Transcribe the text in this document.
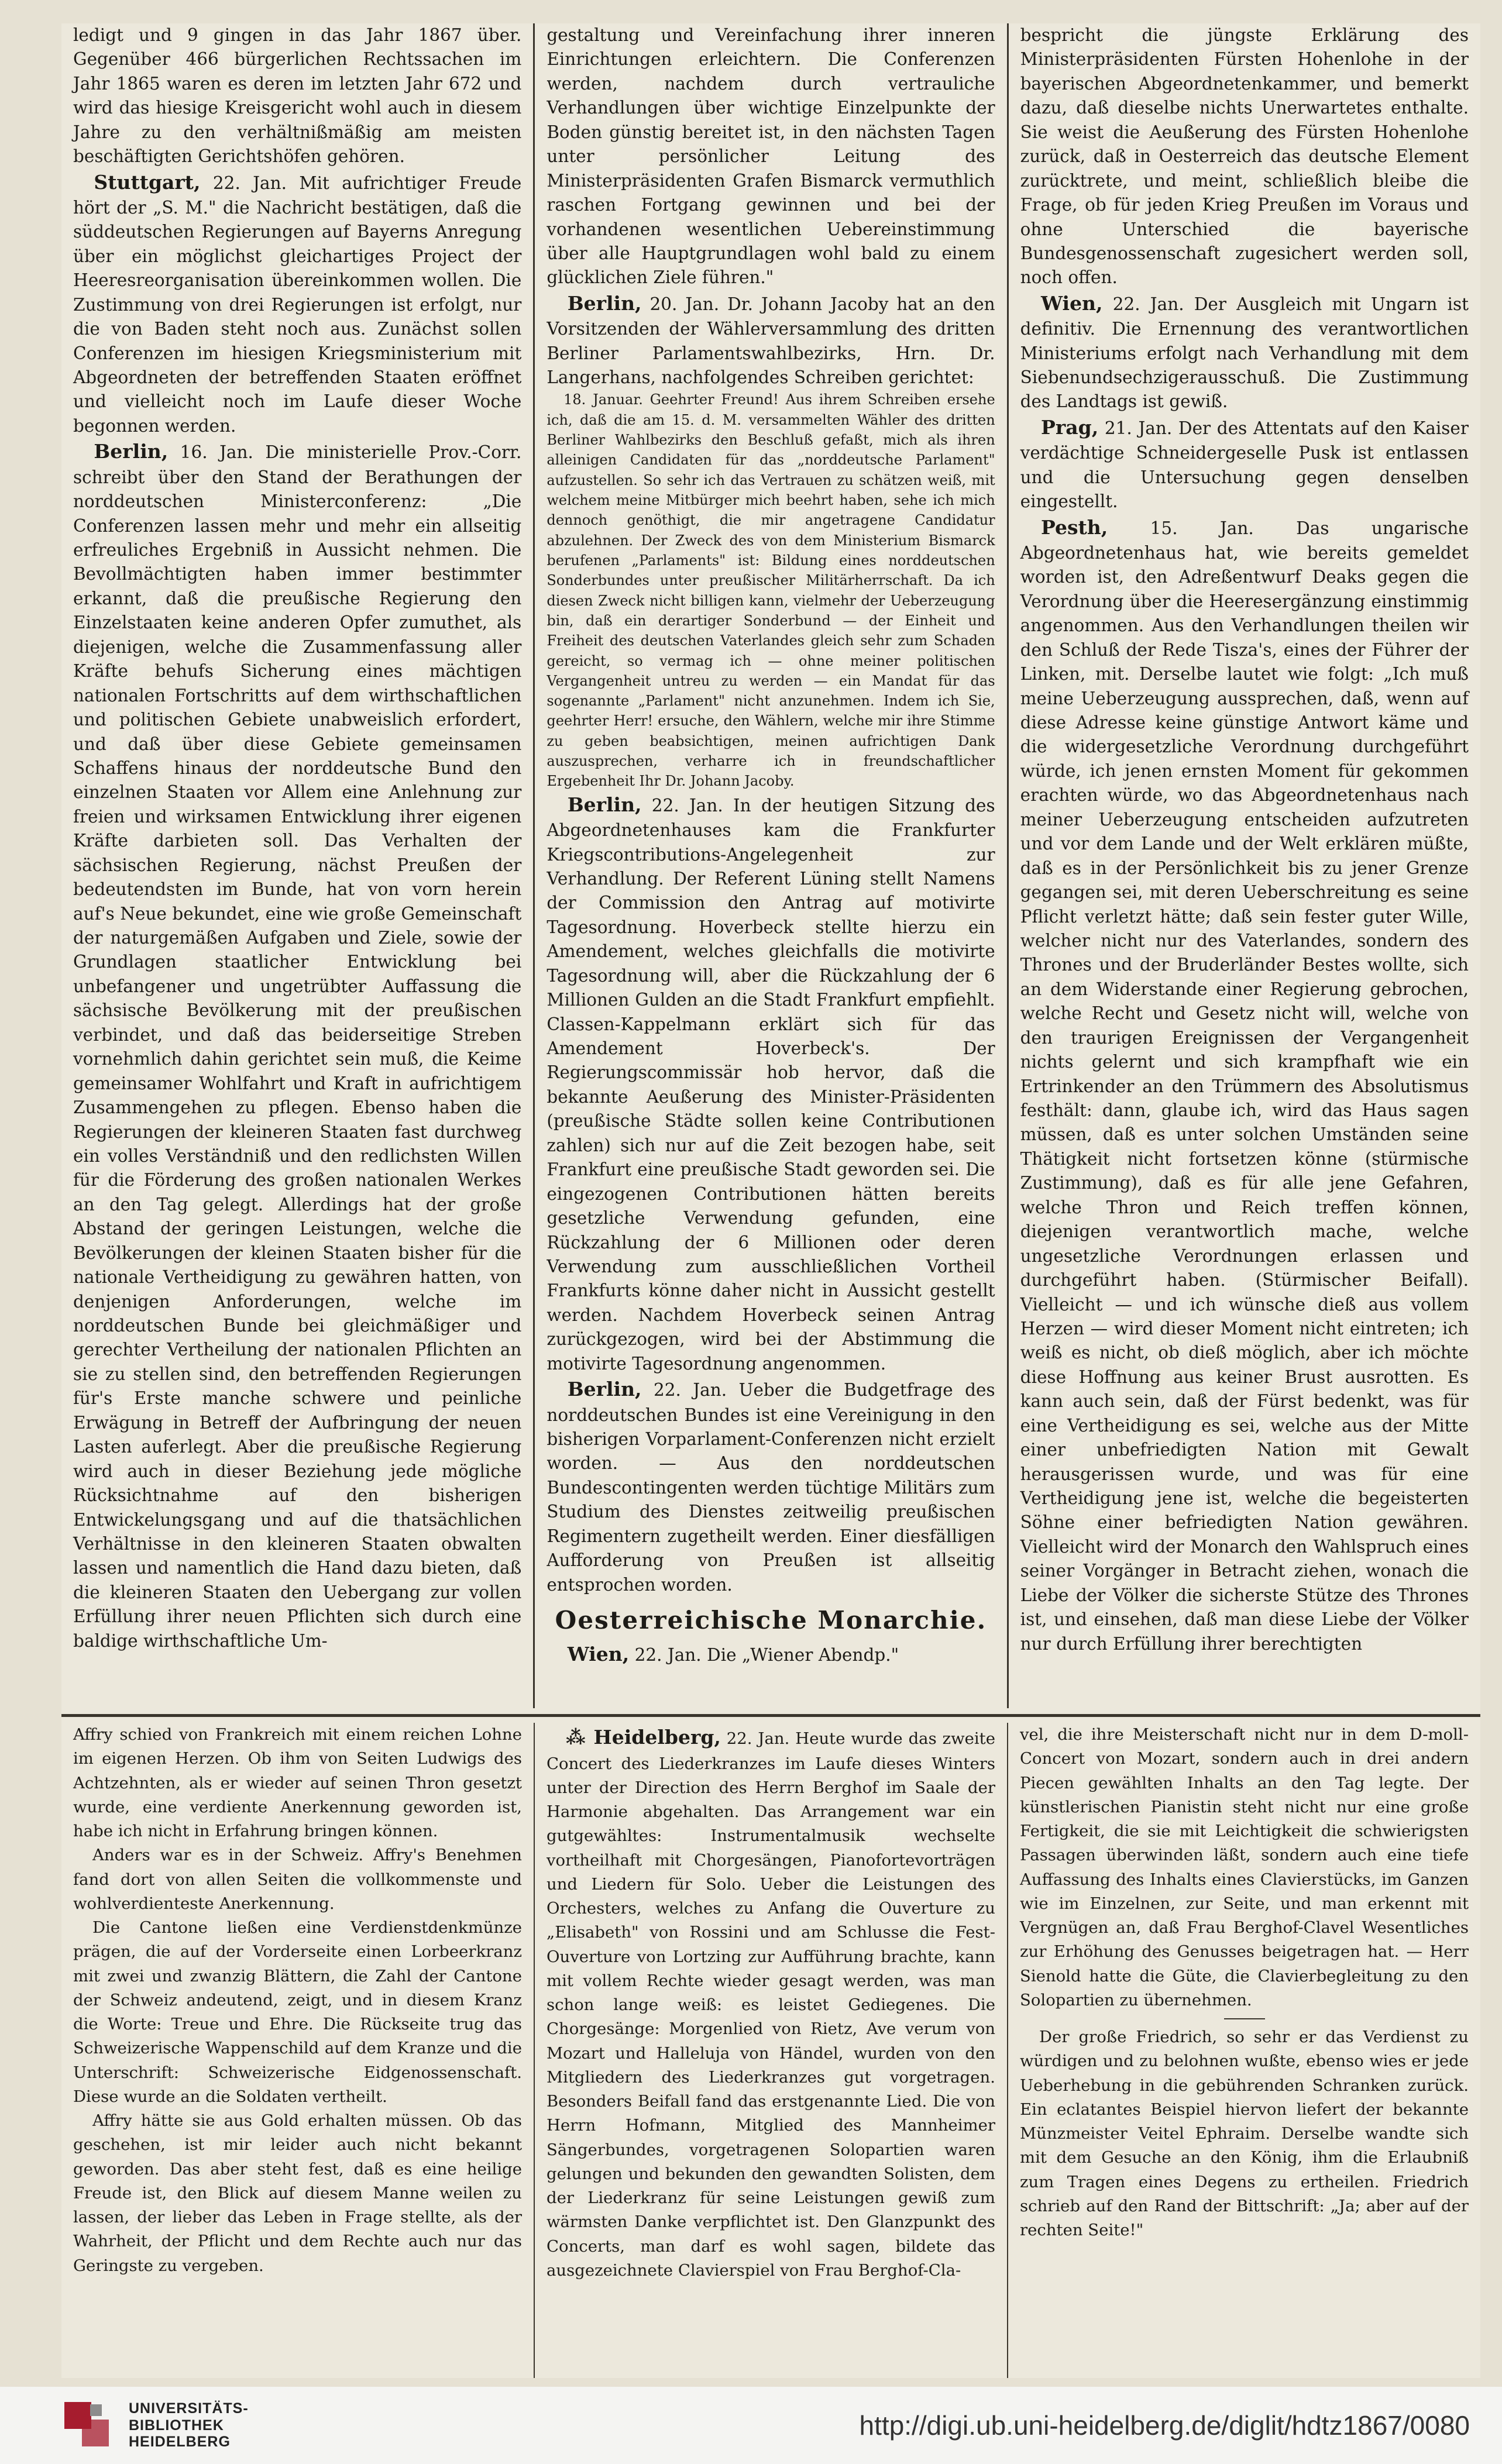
ledigt und 9 gingen in das Jahr 1867 über. Gegenüber 466 bürgerlichen Rechtssachen im Jahr 1865 waren es deren im letzten Jahr 672 und wird das hiesige Kreisgericht wohl auch in diesem Jahre zu den verhältnißmäßig am meisten beschäftigten Gerichtshöfen gehören.

Stuttgart, 22. Jan. Mit aufrichtiger Freude hört der „S. M." die Nachricht bestätigen, daß die süddeutschen Regierungen auf Bayerns Anregung über ein möglichst gleichartiges Project der Heeresreorganisation übereinkommen wollen. Die Zustimmung von drei Regierungen ist erfolgt, nur die von Baden steht noch aus. Zunächst sollen Conferenzen im hiesigen Kriegsministerium mit Abgeordneten der betreffenden Staaten eröffnet und vielleicht noch im Laufe dieser Woche begonnen werden.

Berlin, 16. Jan. Die ministerielle Prov.-Corr. schreibt über den Stand der Berathungen der norddeutschen Ministerconferenz: „Die Conferenzen lassen mehr und mehr ein allseitig erfreuliches Ergebniß in Aussicht nehmen. Die Bevollmächtigten haben immer bestimmter erkannt, daß die preußische Regierung den Einzelstaaten keine anderen Opfer zumuthet, als diejenigen, welche die Zusammenfassung aller Kräfte behufs Sicherung eines mächtigen nationalen Fortschritts auf dem wirthschaftlichen und politischen Gebiete unabweislich erfordert, und daß über diese Gebiete gemeinsamen Schaffens hinaus der norddeutsche Bund den einzelnen Staaten vor Allem eine Anlehnung zur freien und wirksamen Entwicklung ihrer eigenen Kräfte darbieten soll. Das Verhalten der sächsischen Regierung, nächst Preußen der bedeutendsten im Bunde, hat von vorn herein auf's Neue bekundet, eine wie große Gemeinschaft der naturgemäßen Aufgaben und Ziele, sowie der Grundlagen staatlicher Entwicklung bei unbefangener und ungetrübter Auffassung die sächsische Bevölkerung mit der preußischen verbindet, und daß das beiderseitige Streben vornehmlich dahin gerichtet sein muß, die Keime gemeinsamer Wohlfahrt und Kraft in aufrichtigem Zusammengehen zu pflegen. Ebenso haben die Regierungen der kleineren Staaten fast durchweg ein volles Verständniß und den redlichsten Willen für die Förderung des großen nationalen Werkes an den Tag gelegt. Allerdings hat der große Abstand der geringen Leistungen, welche die Bevölkerungen der kleinen Staaten bisher für die nationale Vertheidigung zu gewähren hatten, von denjenigen Anforderungen, welche im norddeutschen Bunde bei gleichmäßiger und gerechter Vertheilung der nationalen Pflichten an sie zu stellen sind, den betreffenden Regierungen für's Erste manche schwere und peinliche Erwägung in Betreff der Aufbringung der neuen Lasten auferlegt. Aber die preußische Regierung wird auch in dieser Beziehung jede mögliche Rücksichtnahme auf den bisherigen Entwickelungsgang und auf die thatsächlichen Verhältnisse in den kleineren Staaten obwalten lassen und namentlich die Hand dazu bieten, daß die kleineren Staaten den Uebergang zur vollen Erfüllung ihrer neuen Pflichten sich durch eine baldige wirthschaftliche Um-

gestaltung und Vereinfachung ihrer inneren Einrichtungen erleichtern. Die Conferenzen werden, nachdem durch vertrauliche Verhandlungen über wichtige Einzelpunkte der Boden günstig bereitet ist, in den nächsten Tagen unter persönlicher Leitung des Ministerpräsidenten Grafen Bismarck vermuthlich raschen Fortgang gewinnen und bei der vorhandenen wesentlichen Uebereinstimmung über alle Hauptgrundlagen wohl bald zu einem glücklichen Ziele führen."

Berlin, 20. Jan. Dr. Johann Jacoby hat an den Vorsitzenden der Wählerversammlung des dritten Berliner Parlamentswahlbezirks, Hrn. Dr. Langerhans, nachfolgendes Schreiben gerichtet:

18. Januar. Geehrter Freund! Aus ihrem Schreiben ersehe ich, daß die am 15. d. M. versammelten Wähler des dritten Berliner Wahlbezirks den Beschluß gefaßt, mich als ihren alleinigen Candidaten für das „norddeutsche Parlament" aufzustellen. So sehr ich das Vertrauen zu schätzen weiß, mit welchem meine Mitbürger mich beehrt haben, sehe ich mich dennoch genöthigt, die mir angetragene Candidatur abzulehnen. Der Zweck des von dem Ministerium Bismarck berufenen „Parlaments" ist: Bildung eines norddeutschen Sonderbundes unter preußischer Militärherrschaft. Da ich diesen Zweck nicht billigen kann, vielmehr der Ueberzeugung bin, daß ein derartiger Sonderbund — der Einheit und Freiheit des deutschen Vaterlandes gleich sehr zum Schaden gereicht, so vermag ich — ohne meiner politischen Vergangenheit untreu zu werden — ein Mandat für das sogenannte „Parlament" nicht anzunehmen. Indem ich Sie, geehrter Herr! ersuche, den Wählern, welche mir ihre Stimme zu geben beabsichtigen, meinen aufrichtigen Dank auszusprechen, verharre ich in freundschaftlicher Ergebenheit Ihr Dr. Johann Jacoby.

Berlin, 22. Jan. In der heutigen Sitzung des Abgeordnetenhauses kam die Frankfurter Kriegscontributions-Angelegenheit zur Verhandlung. Der Referent Lüning stellt Namens der Commission den Antrag auf motivirte Tagesordnung. Hoverbeck stellte hierzu ein Amendement, welches gleichfalls die motivirte Tagesordnung will, aber die Rückzahlung der 6 Millionen Gulden an die Stadt Frankfurt empfiehlt. Classen-Kappelmann erklärt sich für das Amendement Hoverbeck's. Der Regierungscommissär hob hervor, daß die bekannte Aeußerung des Minister-Präsidenten (preußische Städte sollen keine Contributionen zahlen) sich nur auf die Zeit bezogen habe, seit Frankfurt eine preußische Stadt geworden sei. Die eingezogenen Contributionen hätten bereits gesetzliche Verwendung gefunden, eine Rückzahlung der 6 Millionen oder deren Verwendung zum ausschließlichen Vortheil Frankfurts könne daher nicht in Aussicht gestellt werden. Nachdem Hoverbeck seinen Antrag zurückgezogen, wird bei der Abstimmung die motivirte Tagesordnung angenommen.

Berlin, 22. Jan. Ueber die Budgetfrage des norddeutschen Bundes ist eine Vereinigung in den bisherigen Vorparlament-Conferenzen nicht erzielt worden. — Aus den norddeutschen Bundescontingenten werden tüchtige Militärs zum Studium des Dienstes zeitweilig preußischen Regimentern zugetheilt werden. Einer diesfälligen Aufforderung von Preußen ist allseitig entsprochen worden.

Oesterreichische Monarchie.

Wien, 22. Jan. Die „Wiener Abendp."

bespricht die jüngste Erklärung des Ministerpräsidenten Fürsten Hohenlohe in der bayerischen Abgeordnetenkammer, und bemerkt dazu, daß dieselbe nichts Unerwartetes enthalte. Sie weist die Aeußerung des Fürsten Hohenlohe zurück, daß in Oesterreich das deutsche Element zurücktrete, und meint, schließlich bleibe die Frage, ob für jeden Krieg Preußen im Voraus und ohne Unterschied die bayerische Bundesgenossenschaft zugesichert werden soll, noch offen.

Wien, 22. Jan. Der Ausgleich mit Ungarn ist definitiv. Die Ernennung des verantwortlichen Ministeriums erfolgt nach Verhandlung mit dem Siebenundsechzigerausschuß. Die Zustimmung des Landtags ist gewiß.

Prag, 21. Jan. Der des Attentats auf den Kaiser verdächtige Schneidergeselle Pusk ist entlassen und die Untersuchung gegen denselben eingestellt.

Pesth, 15. Jan. Das ungarische Abgeordnetenhaus hat, wie bereits gemeldet worden ist, den Adreßentwurf Deaks gegen die Verordnung über die Heeresergänzung einstimmig angenommen. Aus den Verhandlungen theilen wir den Schluß der Rede Tisza's, eines der Führer der Linken, mit. Derselbe lautet wie folgt: „Ich muß meine Ueberzeugung aussprechen, daß, wenn auf diese Adresse keine günstige Antwort käme und die widergesetzliche Verordnung durchgeführt würde, ich jenen ernsten Moment für gekommen erachten würde, wo das Abgeordnetenhaus nach meiner Ueberzeugung entscheiden aufzutreten und vor dem Lande und der Welt erklären müßte, daß es in der Persönlichkeit bis zu jener Grenze gegangen sei, mit deren Ueberschreitung es seine Pflicht verletzt hätte; daß sein fester guter Wille, welcher nicht nur des Vaterlandes, sondern des Thrones und der Bruderländer Bestes wollte, sich an dem Widerstande einer Regierung gebrochen, welche Recht und Gesetz nicht will, welche von den traurigen Ereignissen der Vergangenheit nichts gelernt und sich krampfhaft wie ein Ertrinkender an den Trümmern des Absolutismus festhält: dann, glaube ich, wird das Haus sagen müssen, daß es unter solchen Umständen seine Thätigkeit nicht fortsetzen könne (stürmische Zustimmung), daß es für alle jene Gefahren, welche Thron und Reich treffen können, diejenigen verantwortlich mache, welche ungesetzliche Verordnungen erlassen und durchgeführt haben. (Stürmischer Beifall). Vielleicht — und ich wünsche dieß aus vollem Herzen — wird dieser Moment nicht eintreten; ich weiß es nicht, ob dieß möglich, aber ich möchte diese Hoffnung aus keiner Brust ausrotten. Es kann auch sein, daß der Fürst bedenkt, was für eine Vertheidigung es sei, welche aus der Mitte einer unbefriedigten Nation mit Gewalt herausgerissen wurde, und was für eine Vertheidigung jene ist, welche die begeisterten Söhne einer befriedigten Nation gewähren. Vielleicht wird der Monarch den Wahlspruch eines seiner Vorgänger in Betracht ziehen, wonach die Liebe der Völker die sicherste Stütze des Thrones ist, und einsehen, daß man diese Liebe der Völker nur durch Erfüllung ihrer berechtigten

Affry schied von Frankreich mit einem reichen Lohne im eigenen Herzen. Ob ihm von Seiten Ludwigs des Achtzehnten, als er wieder auf seinen Thron gesetzt wurde, eine verdiente Anerkennung geworden ist, habe ich nicht in Erfahrung bringen können.

Anders war es in der Schweiz. Affry's Benehmen fand dort von allen Seiten die vollkommenste und wohlverdienteste Anerkennung.

Die Cantone ließen eine Verdienstdenkmünze prägen, die auf der Vorderseite einen Lorbeerkranz mit zwei und zwanzig Blättern, die Zahl der Cantone der Schweiz andeutend, zeigt, und in diesem Kranz die Worte: Treue und Ehre. Die Rückseite trug das Schweizerische Wappenschild auf dem Kranze und die Unterschrift: Schweizerische Eidgenossenschaft. Diese wurde an die Soldaten vertheilt.

Affry hätte sie aus Gold erhalten müssen. Ob das geschehen, ist mir leider auch nicht bekannt geworden. Das aber steht fest, daß es eine heilige Freude ist, den Blick auf diesem Manne weilen zu lassen, der lieber das Leben in Frage stellte, als der Wahrheit, der Pflicht und dem Rechte auch nur das Geringste zu vergeben.

⁂ Heidelberg, 22. Jan. Heute wurde das zweite Concert des Liederkranzes im Laufe dieses Winters unter der Direction des Herrn Berghof im Saale der Harmonie abgehalten. Das Arrangement war ein gutgewähltes: Instrumentalmusik wechselte vortheilhaft mit Chorgesängen, Pianofortevorträgen und Liedern für Solo. Ueber die Leistungen des Orchesters, welches zu Anfang die Ouverture zu „Elisabeth" von Rossini und am Schlusse die Fest-Ouverture von Lortzing zur Aufführung brachte, kann mit vollem Rechte wieder gesagt werden, was man schon lange weiß: es leistet Gediegenes. Die Chorgesänge: Morgenlied von Rietz, Ave verum von Mozart und Halleluja von Händel, wurden von den Mitgliedern des Liederkranzes gut vorgetragen. Besonders Beifall fand das erstgenannte Lied. Die von Herrn Hofmann, Mitglied des Mannheimer Sängerbundes, vorgetragenen Solopartien waren gelungen und bekunden den gewandten Solisten, dem der Liederkranz für seine Leistungen gewiß zum wärmsten Danke verpflichtet ist. Den Glanzpunkt des Concerts, man darf es wohl sagen, bildete das ausgezeichnete Clavierspiel von Frau Berghof-Cla-

vel, die ihre Meisterschaft nicht nur in dem D-moll-Concert von Mozart, sondern auch in drei andern Piecen gewählten Inhalts an den Tag legte. Der künstlerischen Pianistin steht nicht nur eine große Fertigkeit, die sie mit Leichtigkeit die schwierigsten Passagen überwinden läßt, sondern auch eine tiefe Auffassung des Inhalts eines Clavierstücks, im Ganzen wie im Einzelnen, zur Seite, und man erkennt mit Vergnügen an, daß Frau Berghof-Clavel Wesentliches zur Erhöhung des Genusses beigetragen hat. — Herr Sienold hatte die Güte, die Clavierbegleitung zu den Solopartien zu übernehmen.

Der große Friedrich, so sehr er das Verdienst zu würdigen und zu belohnen wußte, ebenso wies er jede Ueberhebung in die gebührenden Schranken zurück. Ein eclatantes Beispiel hiervon liefert der bekannte Münzmeister Veitel Ephraim. Derselbe wandte sich mit dem Gesuche an den König, ihm die Erlaubniß zum Tragen eines Degens zu ertheilen. Friedrich schrieb auf den Rand der Bittschrift: „Ja; aber auf der rechten Seite!"

UNIVERSITÄTS-
BIBLIOTHEK
HEIDELBERG
http://digi.ub.uni-heidelberg.de/diglit/hdtz1867/0080
